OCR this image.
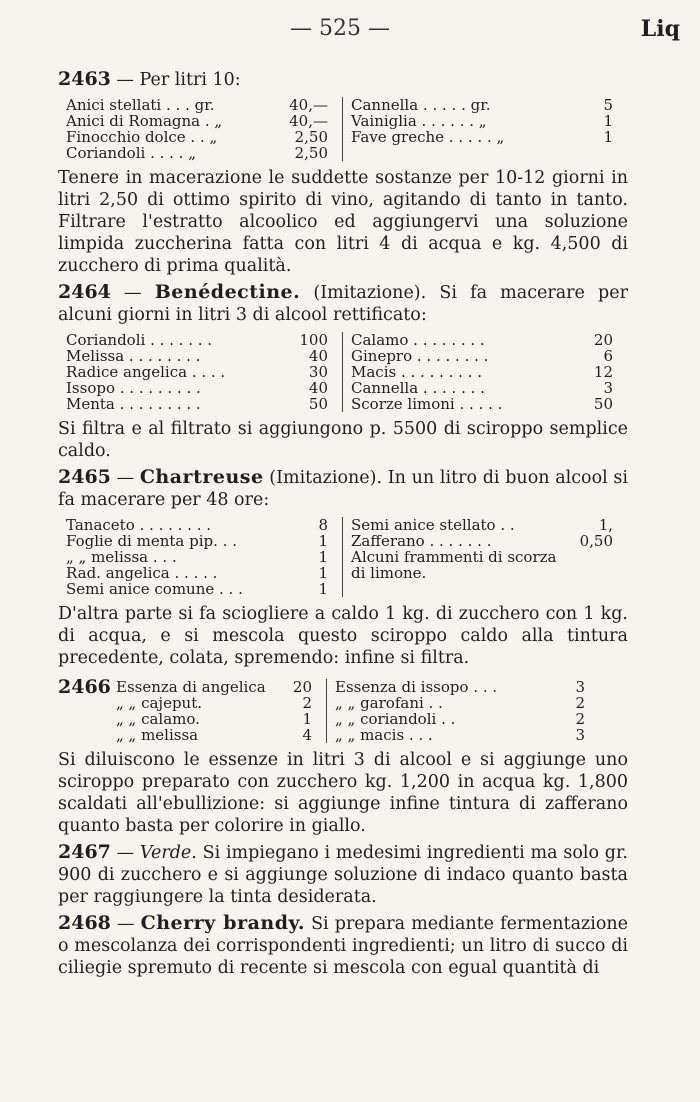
— 525 —	Liq

2463 — Per litri 10:

Anici stellati . . . gr.	40,—
Anici di Romagna . „	40,—
Finocchio dolce . . „	2,50
Coriandoli . . . . „	2,50
Cannella . . . . . gr.	5
Vainiglia . . . . . . „	1
Fave greche . . . . . „	1

Tenere in macerazione le suddette sostanze per 10-12 giorni in litri 2,50 di ottimo spirito di vino, agitando di tanto in tanto. Filtrare l'estratto alcoolico ed aggiungervi una soluzione limpida zuccherina fatta con litri 4 di acqua e kg. 4,500 di zucchero di prima qualità.

2464 — Benédectine. (Imitazione). Si fa macerare per alcuni giorni in litri 3 di alcool rettificato:

Coriandoli . . . . . . .	100
Melissa . . . . . . . .	40
Radice angelica . . . .	30
Issopo . . . . . . . . .	40
Menta . . . . . . . . .	50
Calamo . . . . . . . .	20
Ginepro . . . . . . . .	6
Macis . . . . . . . . .	12
Cannella . . . . . . .	3
Scorze limoni . . . . .	50

Si filtra e al filtrato si aggiungono p. 5500 di sciroppo semplice caldo.

2465 — Chartreuse (Imitazione). In un litro di buon alcool si fa macerare per 48 ore:

Tanaceto . . . . . . . .	8
Foglie di menta pip. . .	1
„ „ melissa . . .	1
Rad. angelica . . . . .	1
Semi anice comune . . .	1
Semi anice stellato . .	1,
Zafferano . . . . . . .	0,50
Alcuni frammenti di scorza
di limone.

D'altra parte si fa sciogliere a caldo 1 kg. di zucchero con 1 kg. di acqua, e si mescola questo sciroppo caldo alla tintura precedente, colata, spremendo: infine si filtra.

2466 Essenza di angelica	20
„ „ cajeput.	2
„ „ calamo.	1
„ „ melissa	4
Essenza di issopo . . .	3
„ „ garofani . .	2
„ „ coriandoli . .	2
„ „ macis . . .	3

Si diluiscono le essenze in litri 3 di alcool e si aggiunge uno sciroppo preparato con zucchero kg. 1,200 in acqua kg. 1,800 scaldati all'ebullizione: si aggiunge infine tintura di zafferano quanto basta per colorire in giallo.

2467 — Verde. Si impiegano i medesimi ingredienti ma solo gr. 900 di zucchero e si aggiunge soluzione di indaco quanto basta per raggiungere la tinta desiderata.

2468 — Cherry brandy. Si prepara mediante fermentazione o mescolanza dei corrispondenti ingredienti; un litro di succo di ciliegie spremuto di recente si mescola con egual quantità di
